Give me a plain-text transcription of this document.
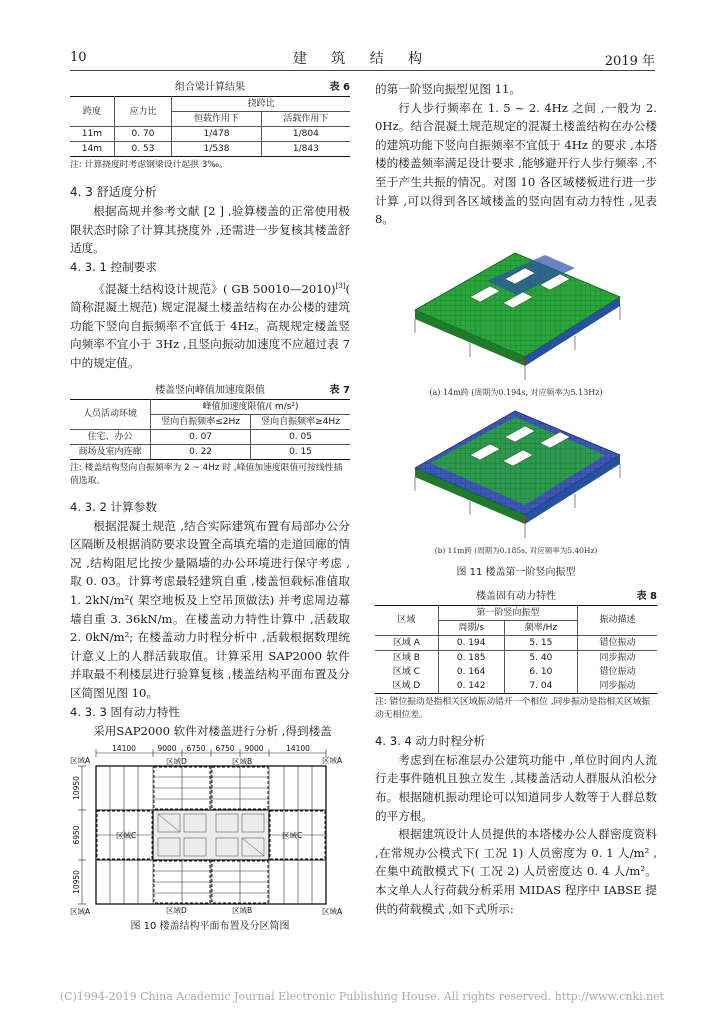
10	建 筑 结 构	2019 年
组合梁计算结果	表 6
跨度	应力比	挠跨比	
		恒载作用下	活载作用下
11m	0. 70	1/478	1/804
14m	0. 53	1/538	1/843
注: 计算挠度时考虑钢梁设计起拱 3‰。
4. 3 舒适度分析

根据高规并参考文献 [2 ] ,验算楼盖的正常使用极限状态时除了计算其挠度外 ,还需进一步复核其楼盖舒适度。

4. 3. 1 控制要求

《混凝土结构设计规范》( GB 50010—2010)[3]( 简称混凝土规范) 规定混凝土楼盖结构在办公楼的建筑功能下竖向自振频率不宜低于 4Hz。高规规定楼盖竖向频率不宜小于 3Hz ,且竖向振动加速度不应超过表 7 中的规定值。

楼盖竖向峰值加速度限值	表 7
人员活动环境	峰值加速度限值/( m/s²)	
	竖向自振频率≤2Hz	竖向自振频率≥4Hz
住宅、办公	0. 07	0. 05
商场及室内连廊	0. 22	0. 15
注: 楼盖结构竖向自振频率为 2 ~ 4Hz 时 ,峰值加速度限值可按线性插值选取。
4. 3. 2 计算参数

根据混凝土规范 ,结合实际建筑布置有局部办公分区隔断及根据消防要求设置全高填充墙的走道回廊的情况 ,结构阻尼比按少量隔墙的办公环境进行保守考虑 ,取 0. 03。计算考虑最轻建筑自重 ,楼盖恒载标准值取 1. 2kN/m²( 架空地板及上空吊顶做法) 并考虑周边幕墙自重 3. 36kN/m。在楼盖动力特性计算中 ,活载取 2. 0kN/m²; 在楼盖动力时程分析中 ,活载根据数理统计意义上的人群活载取值。计算采用 SAP2000 软件并取最不利楼层进行验算复核 ,楼盖结构平面布置及分区简图见图 10。

4. 3. 3 固有动力特性

采用SAP2000 软件对楼盖进行分析 ,得到楼盖

14100	9000 6750 6750 9000	14100
10950
6950
10950
区域A	区域A
区域A	区域A
区域D	区域B
区域D	区域B
区域C	区域C
图 10 楼盖结构平面布置及分区简图

的第一阶竖向振型见图 11。

行人步行频率在 1. 5 ~ 2. 4Hz 之间 ,一般为 2. 0Hz。结合混凝土规范规定的混凝土楼盖结构在办公楼的建筑功能下竖向自振频率不宜低于 4Hz 的要求 ,本塔楼的楼盖频率满足设计要求 ,能够避开行人步行频率 ,不至于产生共振的情况。对图 10 各区域楼板进行进一步计算 ,可以得到各区域楼盖的竖向固有动力特性 ,见表 8。

(a) 14m跨 (周期为0.194s, 对应频率为5.13Hz)
(b) 11m跨 (周期为0.185s, 对应频率为5.40Hz)
图 11 楼盖第一阶竖向振型
楼盖固有动力特性	表 8
区域	第一阶竖向振型		振动描述
	周期/s	频率/Hz	
区域 A	0. 194	5. 15	错位振动
区域 B	0. 185	5. 40	同步振动
区域 C	0. 164	6. 10	错位振动
区域 D	0. 142	7. 04	同步振动
注: 错位振动是指相关区域振动错开一个相位 ,同步振动是指相关区域振动无相位差。
4. 3. 4 动力时程分析

考虑到在标准层办公建筑功能中 ,单位时间内人流行走事件随机且独立发生 ,其楼盖活动人群服从泊松分布。根据随机振动理论可以知道同步人数等于人群总数的平方根。

根据建筑设计人员提供的本塔楼办公人群密度资料 ,在常规办公模式下( 工况 1) 人员密度为 0. 1 人/m² ,在集中疏散模式下( 工况 2) 人员密度达 0. 4 人/m²。本文单人人行荷载分析采用 MIDAS 程序中 IABSE 提供的荷载模式 ,如下式所示:

(C)1994-2019 China Academic Journal Electronic Publishing House. All rights reserved. http://www.cnki.net
